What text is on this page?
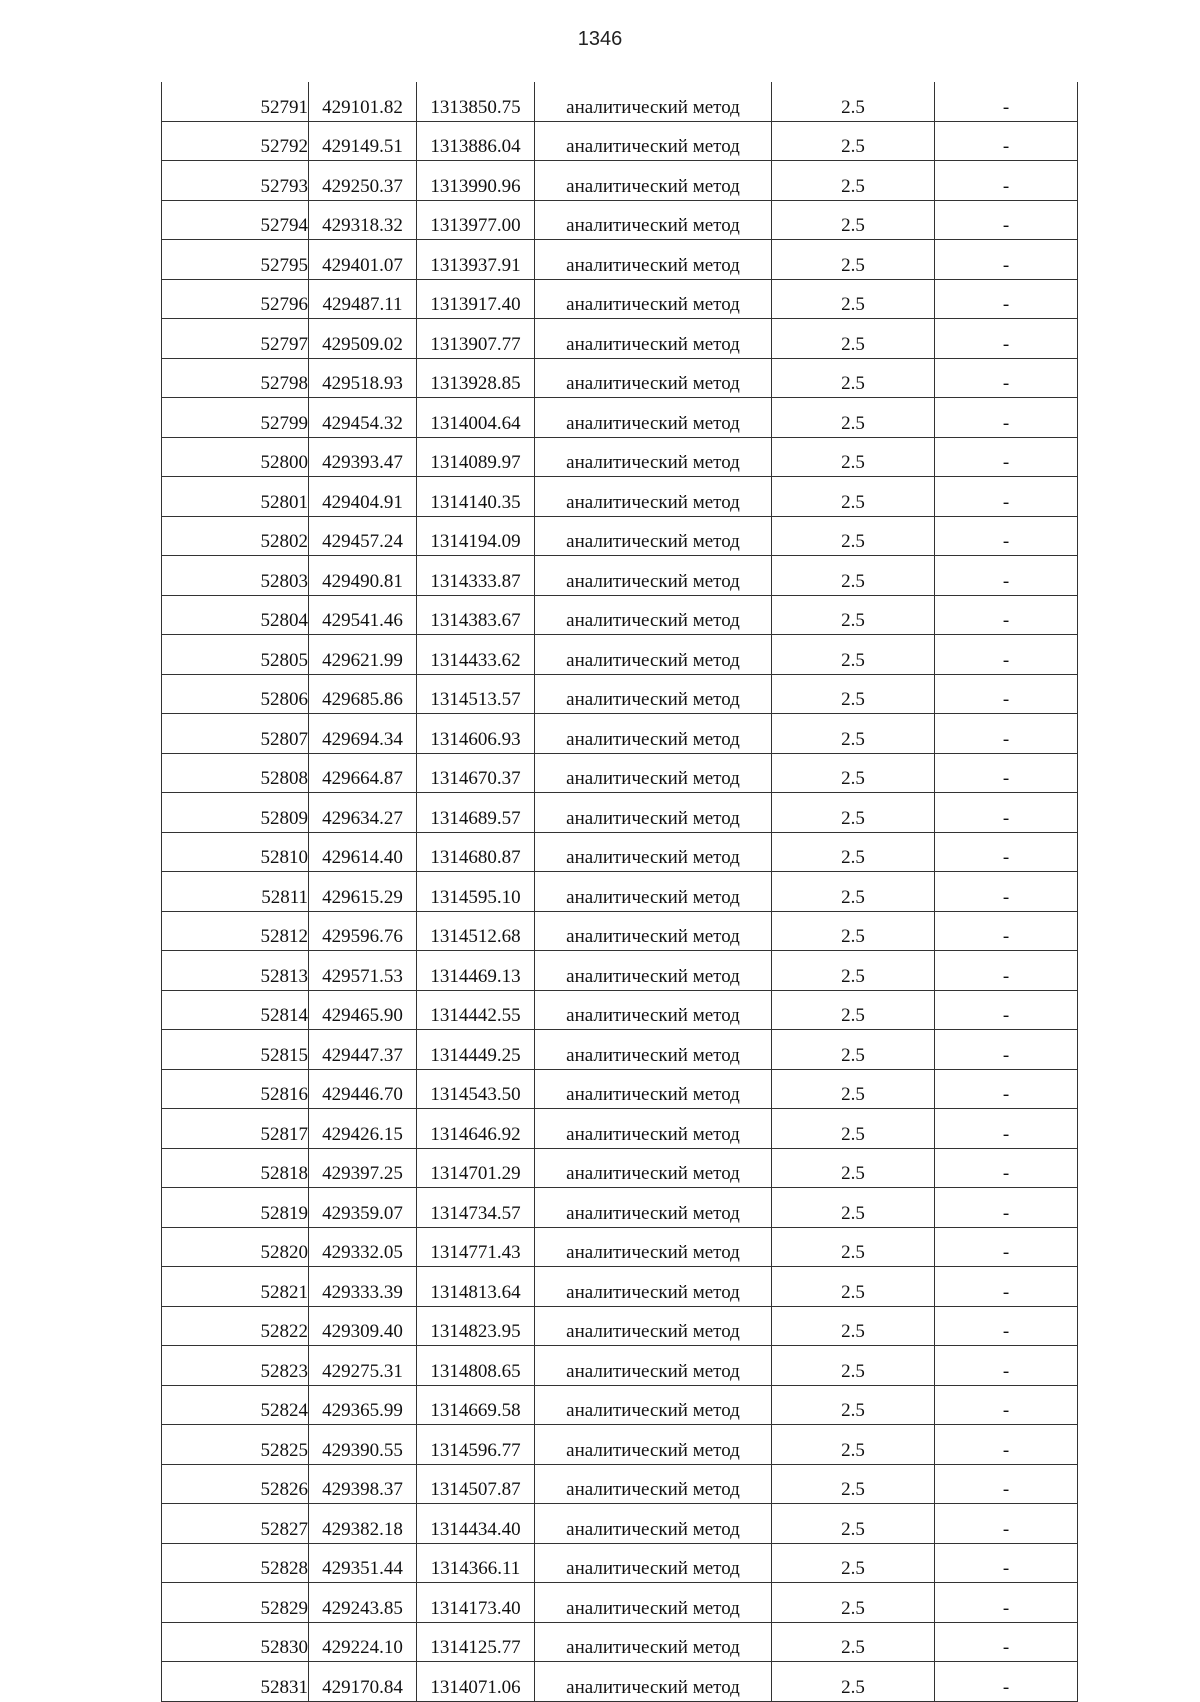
1346
52791	429101.82	1313850.75	аналитический метод	2.5	-
52792	429149.51	1313886.04	аналитический метод	2.5	-
52793	429250.37	1313990.96	аналитический метод	2.5	-
52794	429318.32	1313977.00	аналитический метод	2.5	-
52795	429401.07	1313937.91	аналитический метод	2.5	-
52796	429487.11	1313917.40	аналитический метод	2.5	-
52797	429509.02	1313907.77	аналитический метод	2.5	-
52798	429518.93	1313928.85	аналитический метод	2.5	-
52799	429454.32	1314004.64	аналитический метод	2.5	-
52800	429393.47	1314089.97	аналитический метод	2.5	-
52801	429404.91	1314140.35	аналитический метод	2.5	-
52802	429457.24	1314194.09	аналитический метод	2.5	-
52803	429490.81	1314333.87	аналитический метод	2.5	-
52804	429541.46	1314383.67	аналитический метод	2.5	-
52805	429621.99	1314433.62	аналитический метод	2.5	-
52806	429685.86	1314513.57	аналитический метод	2.5	-
52807	429694.34	1314606.93	аналитический метод	2.5	-
52808	429664.87	1314670.37	аналитический метод	2.5	-
52809	429634.27	1314689.57	аналитический метод	2.5	-
52810	429614.40	1314680.87	аналитический метод	2.5	-
52811	429615.29	1314595.10	аналитический метод	2.5	-
52812	429596.76	1314512.68	аналитический метод	2.5	-
52813	429571.53	1314469.13	аналитический метод	2.5	-
52814	429465.90	1314442.55	аналитический метод	2.5	-
52815	429447.37	1314449.25	аналитический метод	2.5	-
52816	429446.70	1314543.50	аналитический метод	2.5	-
52817	429426.15	1314646.92	аналитический метод	2.5	-
52818	429397.25	1314701.29	аналитический метод	2.5	-
52819	429359.07	1314734.57	аналитический метод	2.5	-
52820	429332.05	1314771.43	аналитический метод	2.5	-
52821	429333.39	1314813.64	аналитический метод	2.5	-
52822	429309.40	1314823.95	аналитический метод	2.5	-
52823	429275.31	1314808.65	аналитический метод	2.5	-
52824	429365.99	1314669.58	аналитический метод	2.5	-
52825	429390.55	1314596.77	аналитический метод	2.5	-
52826	429398.37	1314507.87	аналитический метод	2.5	-
52827	429382.18	1314434.40	аналитический метод	2.5	-
52828	429351.44	1314366.11	аналитический метод	2.5	-
52829	429243.85	1314173.40	аналитический метод	2.5	-
52830	429224.10	1314125.77	аналитический метод	2.5	-
52831	429170.84	1314071.06	аналитический метод	2.5	-
